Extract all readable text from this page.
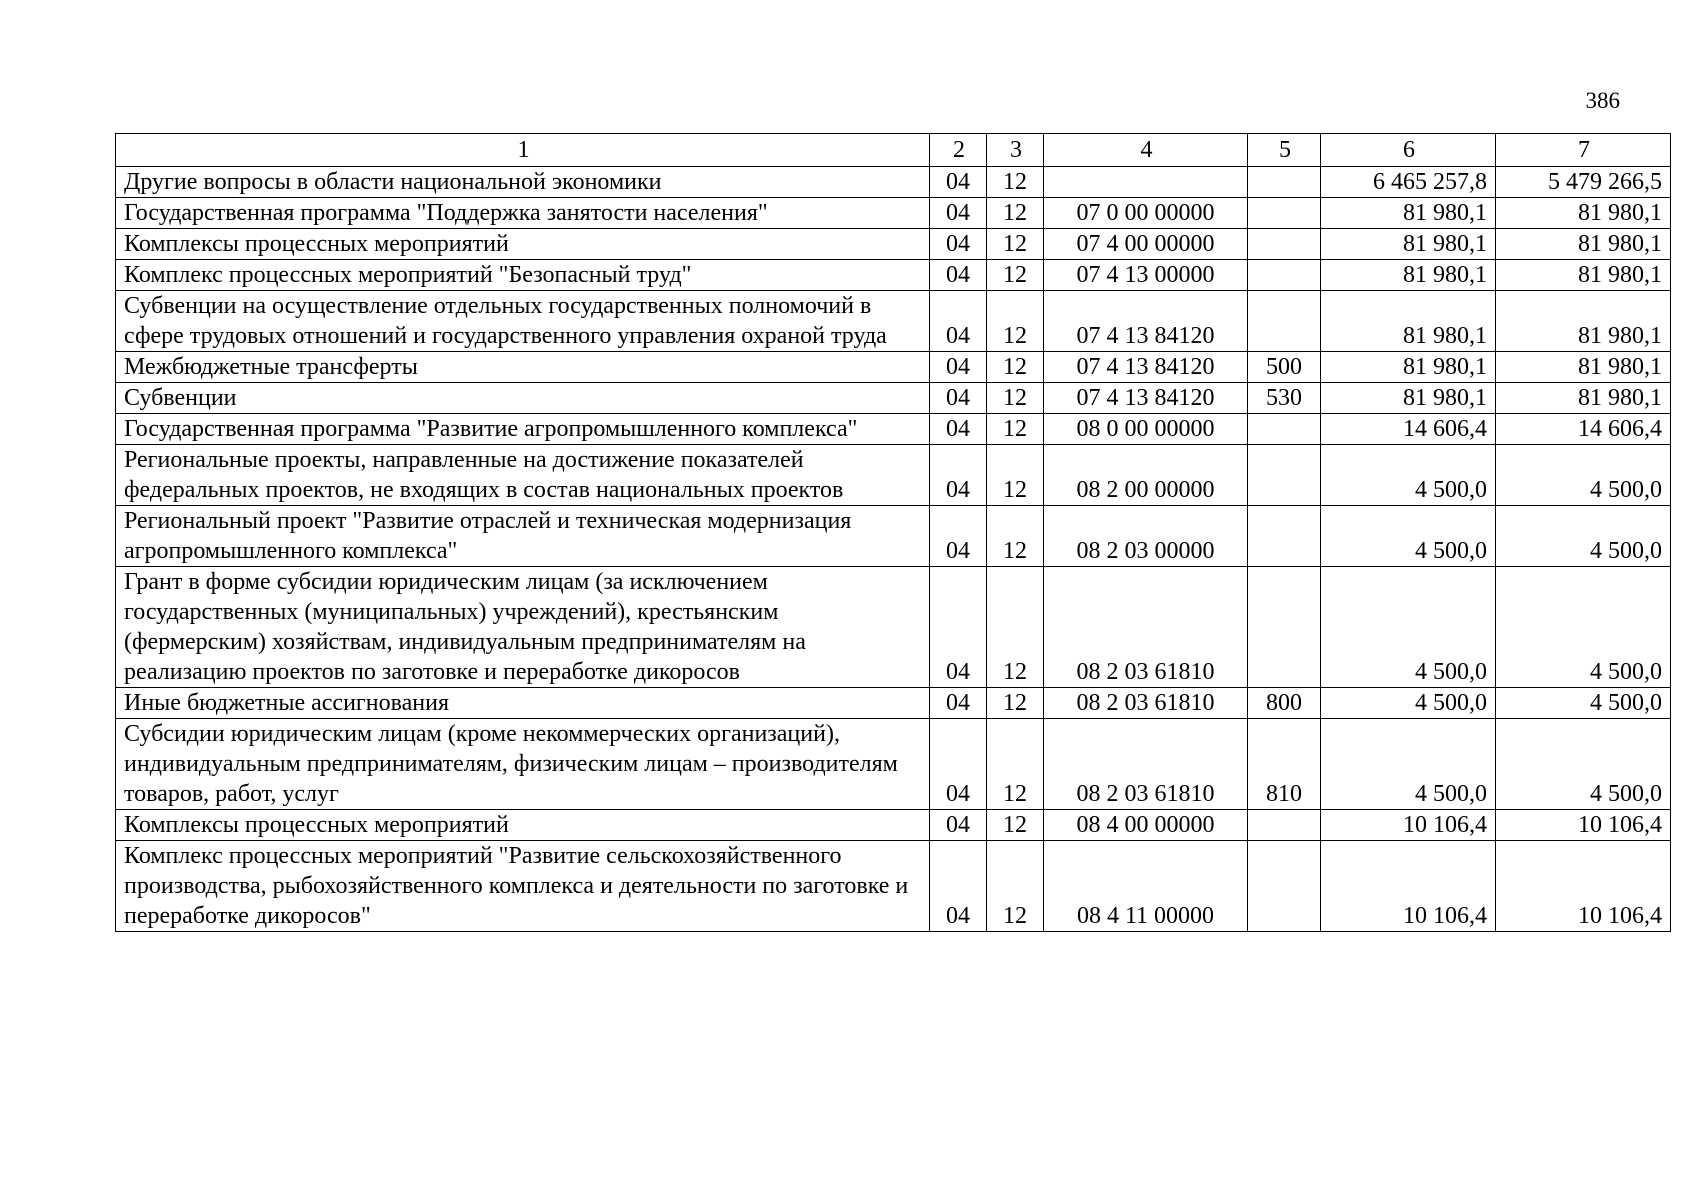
386
1	2	3	4	5	6	7
Другие вопросы в области национальной экономики	04	12			6 465 257,8	5 479 266,5
Государственная программа "Поддержка занятости населения"	04	12	07 0 00 00000		81 980,1	81 980,1
Комплексы процессных мероприятий	04	12	07 4 00 00000		81 980,1	81 980,1
Комплекс процессных мероприятий "Безопасный труд"	04	12	07 4 13 00000		81 980,1	81 980,1
Субвенции на осуществление отдельных государственных полномочий в сфере трудовых отношений и государственного управления охраной труда	04	12	07 4 13 84120		81 980,1	81 980,1
Межбюджетные трансферты	04	12	07 4 13 84120	500	81 980,1	81 980,1
Субвенции	04	12	07 4 13 84120	530	81 980,1	81 980,1
Государственная программа "Развитие агропромышленного комплекса"	04	12	08 0 00 00000		14 606,4	14 606,4
Региональные проекты, направленные на достижение показателей федеральных проектов, не входящих в состав национальных проектов	04	12	08 2 00 00000		4 500,0	4 500,0
Региональный проект "Развитие отраслей и техническая модернизация агропромышленного комплекса"	04	12	08 2 03 00000		4 500,0	4 500,0
Грант в форме субсидии юридическим лицам (за исключением государственных (муниципальных) учреждений), крестьянским (фермерским) хозяйствам, индивидуальным предпринимателям на реализацию проектов по заготовке и переработке дикоросов	04	12	08 2 03 61810		4 500,0	4 500,0
Иные бюджетные ассигнования	04	12	08 2 03 61810	800	4 500,0	4 500,0
Субсидии юридическим лицам (кроме некоммерческих организаций), индивидуальным предпринимателям, физическим лицам – производителям товаров, работ, услуг	04	12	08 2 03 61810	810	4 500,0	4 500,0
Комплексы процессных мероприятий	04	12	08 4 00 00000		10 106,4	10 106,4
Комплекс процессных мероприятий "Развитие сельскохозяйственного производства, рыбохозяйственного комплекса и деятельности по заготовке и переработке дикоросов"	04	12	08 4 11 00000		10 106,4	10 106,4
